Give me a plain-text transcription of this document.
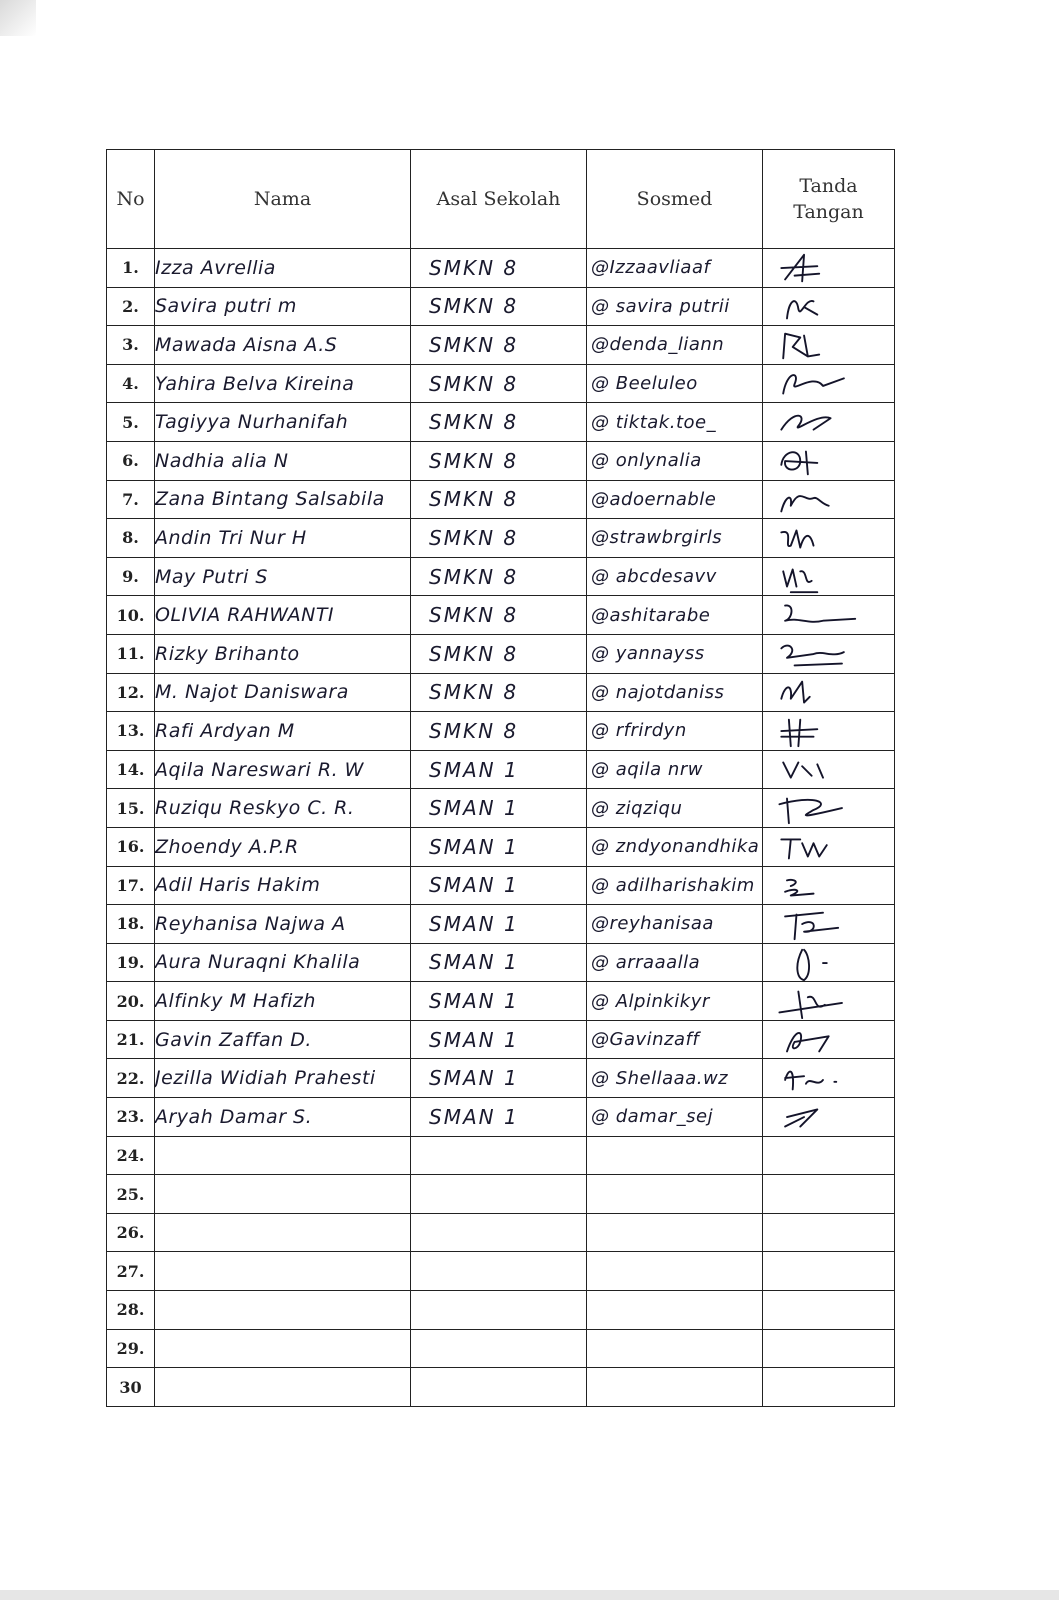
No	Nama	Asal Sekolah	Sosmed	Tanda Tangan
1.	Izza Avrellia	SMKN 8	@Izzaavliaaf	

2.	Savira putri m	SMKN 8	@ savira putrii	

3.	Mawada Aisna A.S	SMKN 8	@denda_liann	

4.	Yahira Belva Kireina	SMKN 8	@ Beeluleo	

5.	Tagiyya Nurhanifah	SMKN 8	@ tiktak.toe_	

6.	Nadhia alia N	SMKN 8	@ onlynalia	

7.	Zana Bintang Salsabila	SMKN 8	@adoernable	

8.	Andin Tri Nur H	SMKN 8	@strawbrgirls	

9.	May Putri S	SMKN 8	@ abcdesavv	

10.	OLIVIA RAHWANTI	SMKN 8	@ashitarabe	

11.	Rizky Brihanto	SMKN 8	@ yannayss	

12.	M. Najot Daniswara	SMKN 8	@ najotdaniss	

13.	Rafi Ardyan M	SMKN 8	@ rfrirdyn	

14.	Aqila Nareswari R. W	SMAN 1	@ aqila nrw	

15.	Ruziqu Reskyo C. R.	SMAN 1	@ ziqziqu	

16.	Zhoendy A.P.R	SMAN 1	@ zndyonandhika	

17.	Adil Haris Hakim	SMAN 1	@ adilharishakim	

18.	Reyhanisa Najwa A	SMAN 1	@reyhanisaa	

19.	Aura Nuraqni Khalila	SMAN 1	@ arraaalla	

20.	Alfinky M Hafizh	SMAN 1	@ Alpinkikyr	

21.	Gavin Zaffan D.	SMAN 1	@Gavinzaff	

22.	Jezilla Widiah Prahesti	SMAN 1	@ Shellaaa.wz	

23.	Aryah Damar S.	SMAN 1	@ damar_sej	

24.				
25.				
26.				
27.				
28.				
29.				
30				
